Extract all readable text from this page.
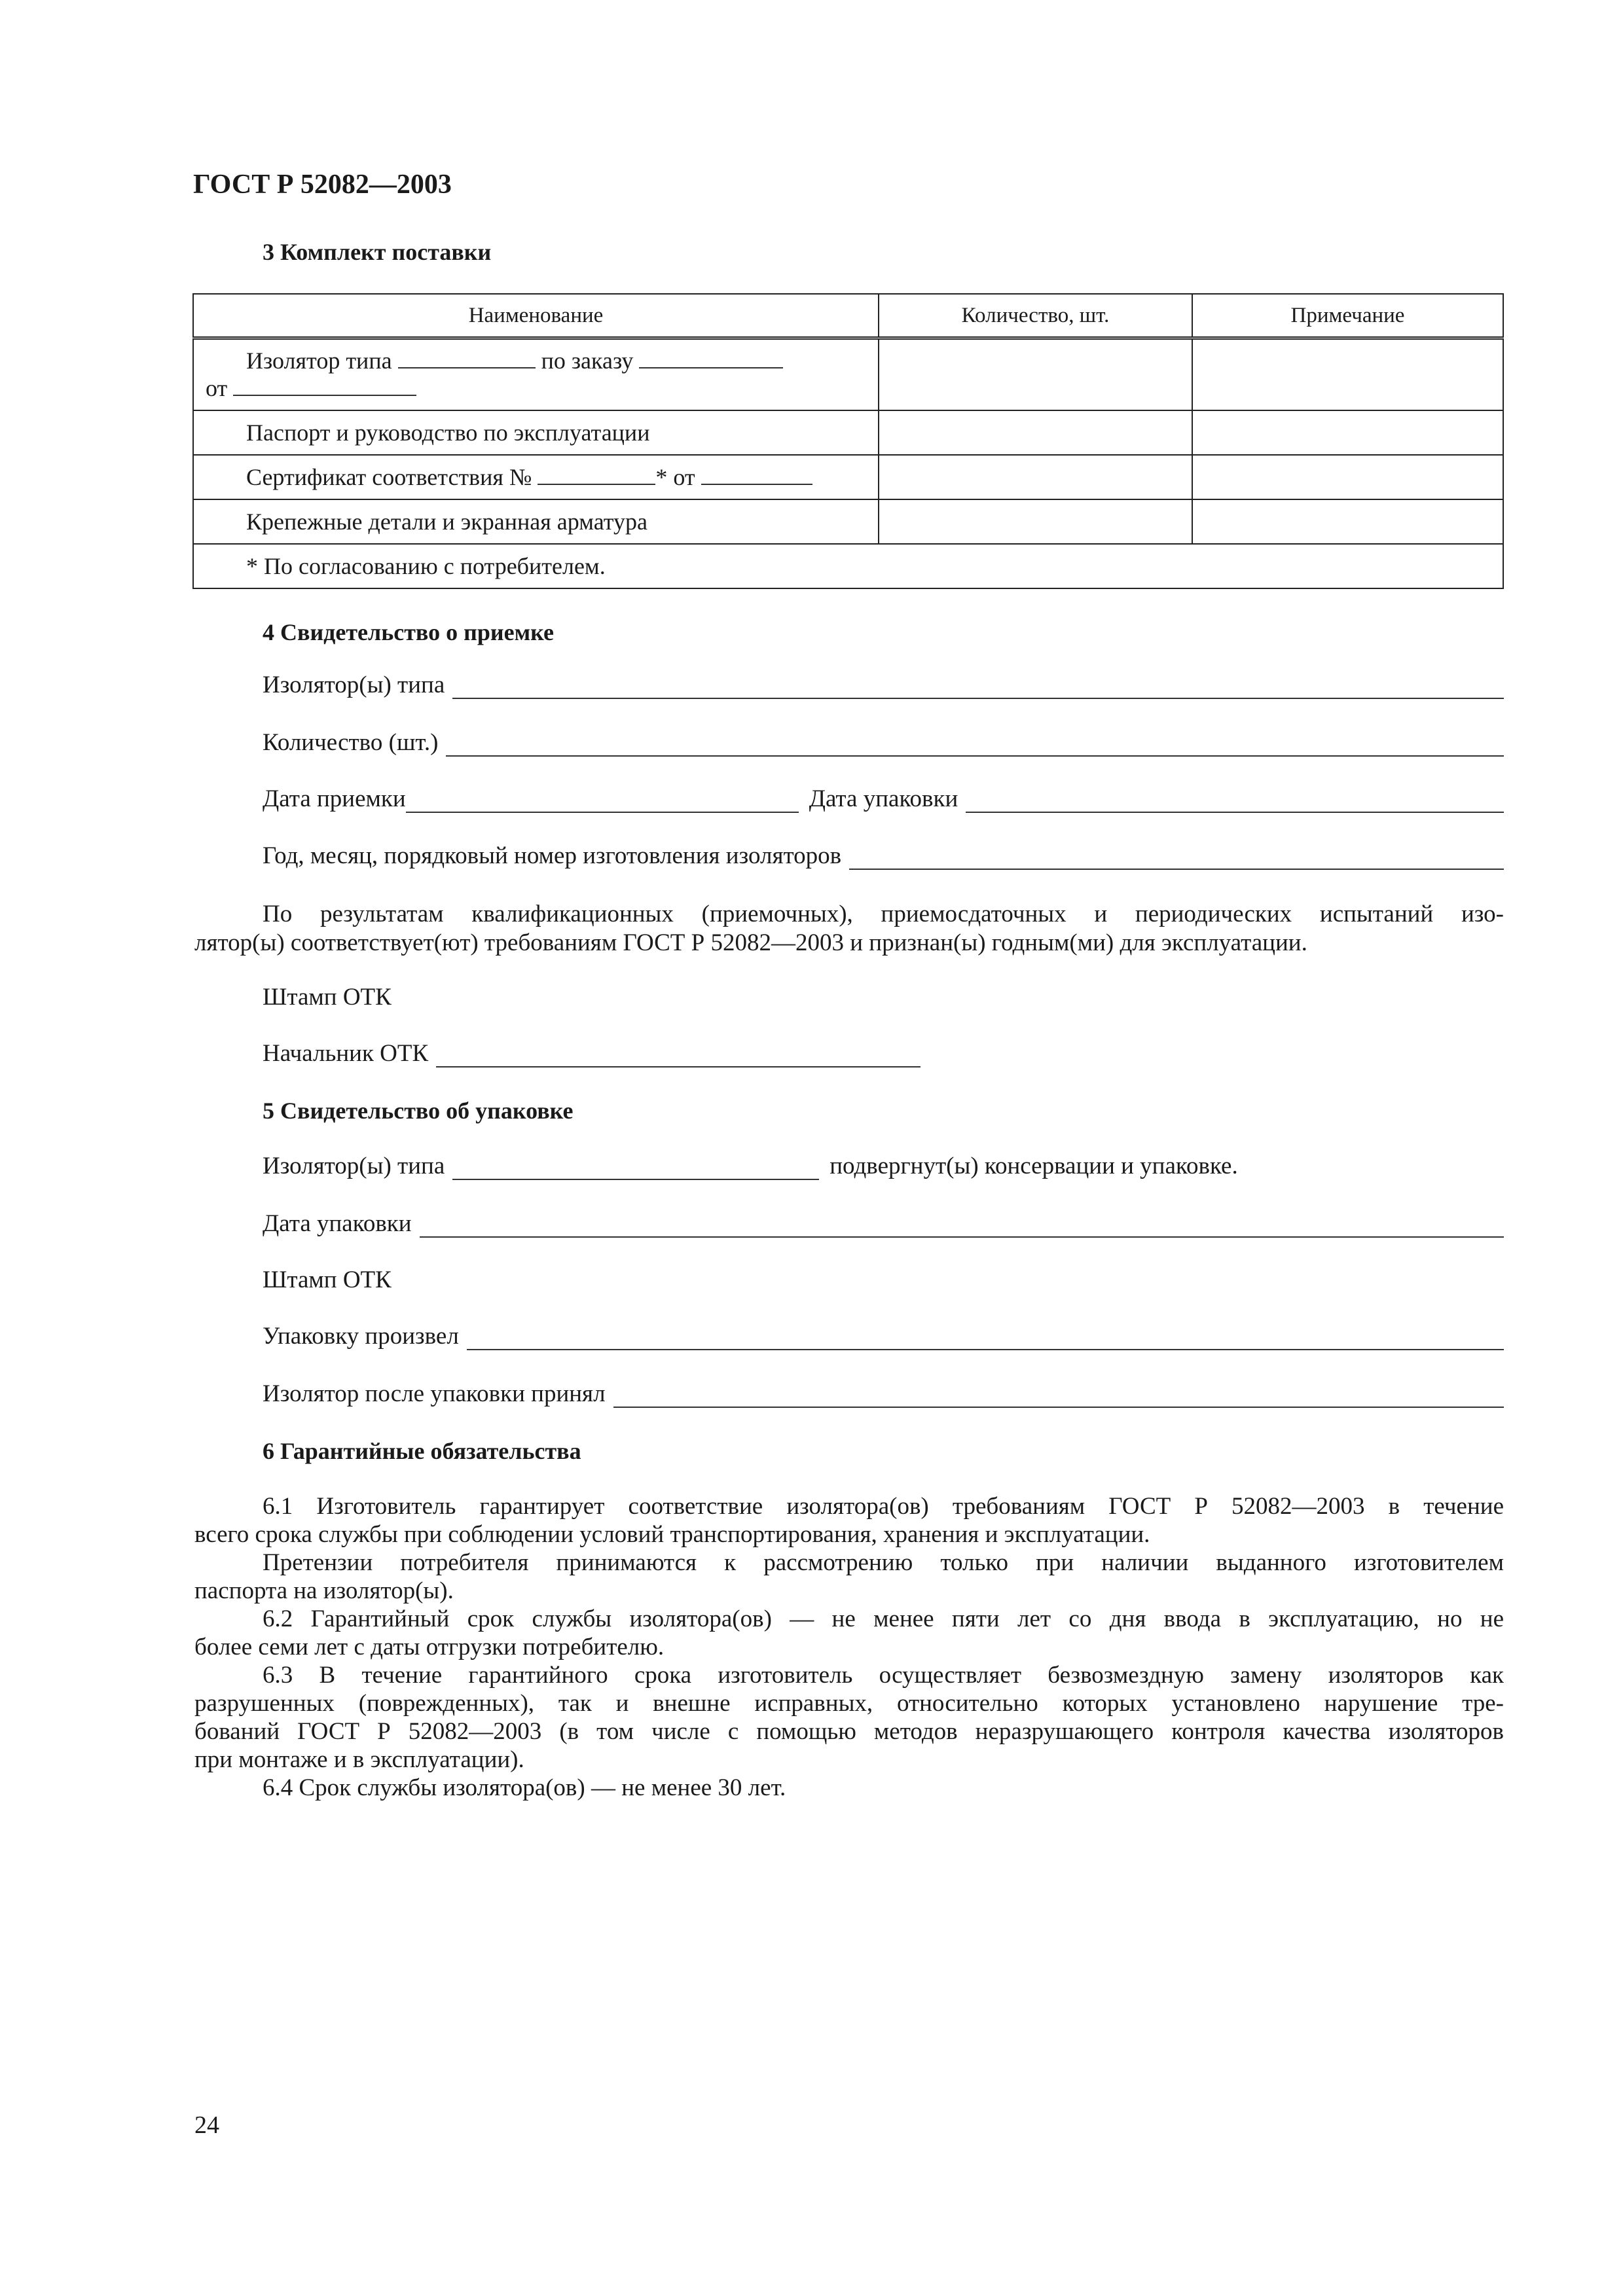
ГОСТ Р 52082—2003
3 Комплект поставки
Наименование	Количество, шт.	Примечание

Изолятор типа по заказу
от		

Паспорт и руководство по эксплуатации		
Сертификат соответствия № * от		
Крепежные детали и экранная арматура		
* По согласованию с потребителем.		
4 Свидетельство о приемке
Изолятор(ы) типа
Количество (шт.)
Дата приемки	Дата упаковки
Год, месяц, порядковый номер изготовления изоляторов
По результатам квалификационных (приемочных), приемосдаточных и периодических испытаний изо-
лятор(ы) соответствует(ют) требованиям ГОСТ Р 52082—2003 и признан(ы) годным(ми) для эксплуатации.
Штамп ОТК
Начальник ОТК
5 Свидетельство об упаковке
Изолятор(ы) типа	подвергнут(ы) консервации и упаковке.
Дата упаковки
Штамп ОТК
Упаковку произвел
Изолятор после упаковки принял
6 Гарантийные обязательства
6.1 Изготовитель гарантирует соответствие изолятора(ов) требованиям ГОСТ Р 52082—2003 в течение
всего срока службы при соблюдении условий транспортирования, хранения и эксплуатации.
Претензии потребителя принимаются к рассмотрению только при наличии выданного изготовителем
паспорта на изолятор(ы).
6.2 Гарантийный срок службы изолятора(ов) — не менее пяти лет со дня ввода в эксплуатацию, но не
более семи лет с даты отгрузки потребителю.
6.3 В течение гарантийного срока изготовитель осуществляет безвозмездную замену изоляторов как
разрушенных (поврежденных), так и внешне исправных, относительно которых установлено нарушение тре-
бований ГОСТ Р 52082—2003 (в том числе с помощью методов неразрушающего контроля качества изоляторов
при монтаже и в эксплуатации).
6.4 Срок службы изолятора(ов) — не менее 30 лет.
24
